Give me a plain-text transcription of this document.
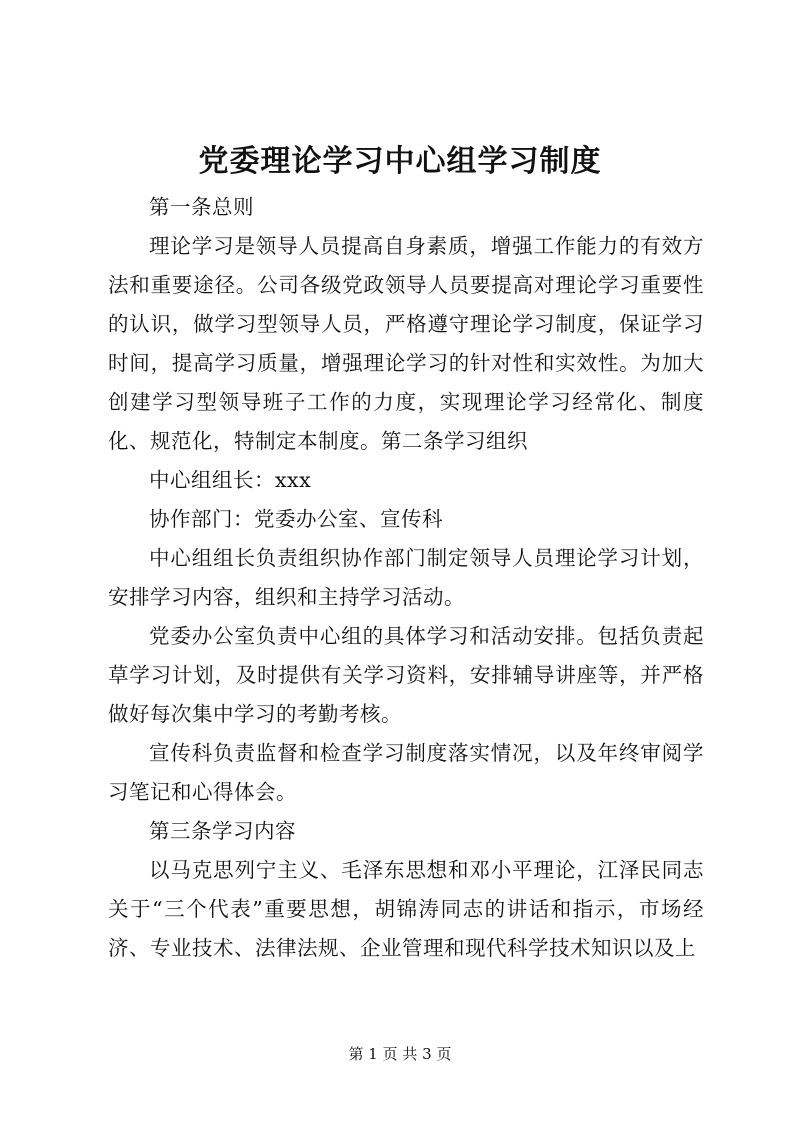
党委理论学习中心组学习制度

第一条总则

理论学习是领导人员提高自身素质，增强工作能力的有效方法和重要途径。公司各级党政领导人员要提高对理论学习重要性的认识，做学习型领导人员，严格遵守理论学习制度，保证学习时间，提高学习质量，增强理论学习的针对性和实效性。为加大创建学习型领导班子工作的力度，实现理论学习经常化、制度化、规范化，特制定本制度。第二条学习组织

中心组组长：xxx

协作部门：党委办公室、宣传科

中心组组长负责组织协作部门制定领导人员理论学习计划，安排学习内容，组织和主持学习活动。

党委办公室负责中心组的具体学习和活动安排。包括负责起草学习计划，及时提供有关学习资料，安排辅导讲座等，并严格做好每次集中学习的考勤考核。

宣传科负责监督和检查学习制度落实情况，以及年终审阅学习笔记和心得体会。

第三条学习内容

以马克思列宁主义、毛泽东思想和邓小平理论，江泽民同志关于“三个代表”重要思想，胡锦涛同志的讲话和指示，市场经济、专业技术、法律法规、企业管理和现代科学技术知识以及上

第 1 页 共 3 页
